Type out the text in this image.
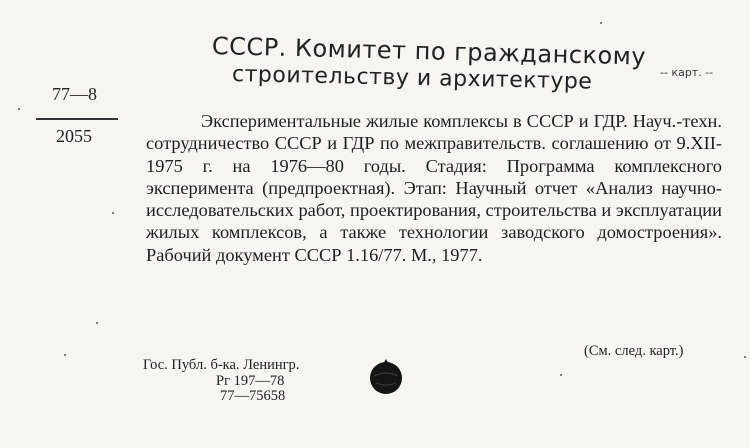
СССР. Комитет по гражданскому
строительству и архитектуре	-- карт. --
77—8
2055

Экспериментальные жилые комплексы в СССР и ГДР. Науч.-техн. сотрудничество СССР и ГДР по межправительств. соглашению от 9.XII-1975 г. на 1976—80 годы. Стадия: Программа комплексного эксперимента (предпроектная). Этап: Научный отчет «Анализ научно-исследовательских работ, проектирования, строительства и эксплуатации жилых комплексов, а также технологии заводского домостроения». Рабочий документ СССР 1.16/77. М., 1977.

Гос. Публ. б-ка. Ленингр.
Рг 197—78
77—75658
(См. след. карт.)
